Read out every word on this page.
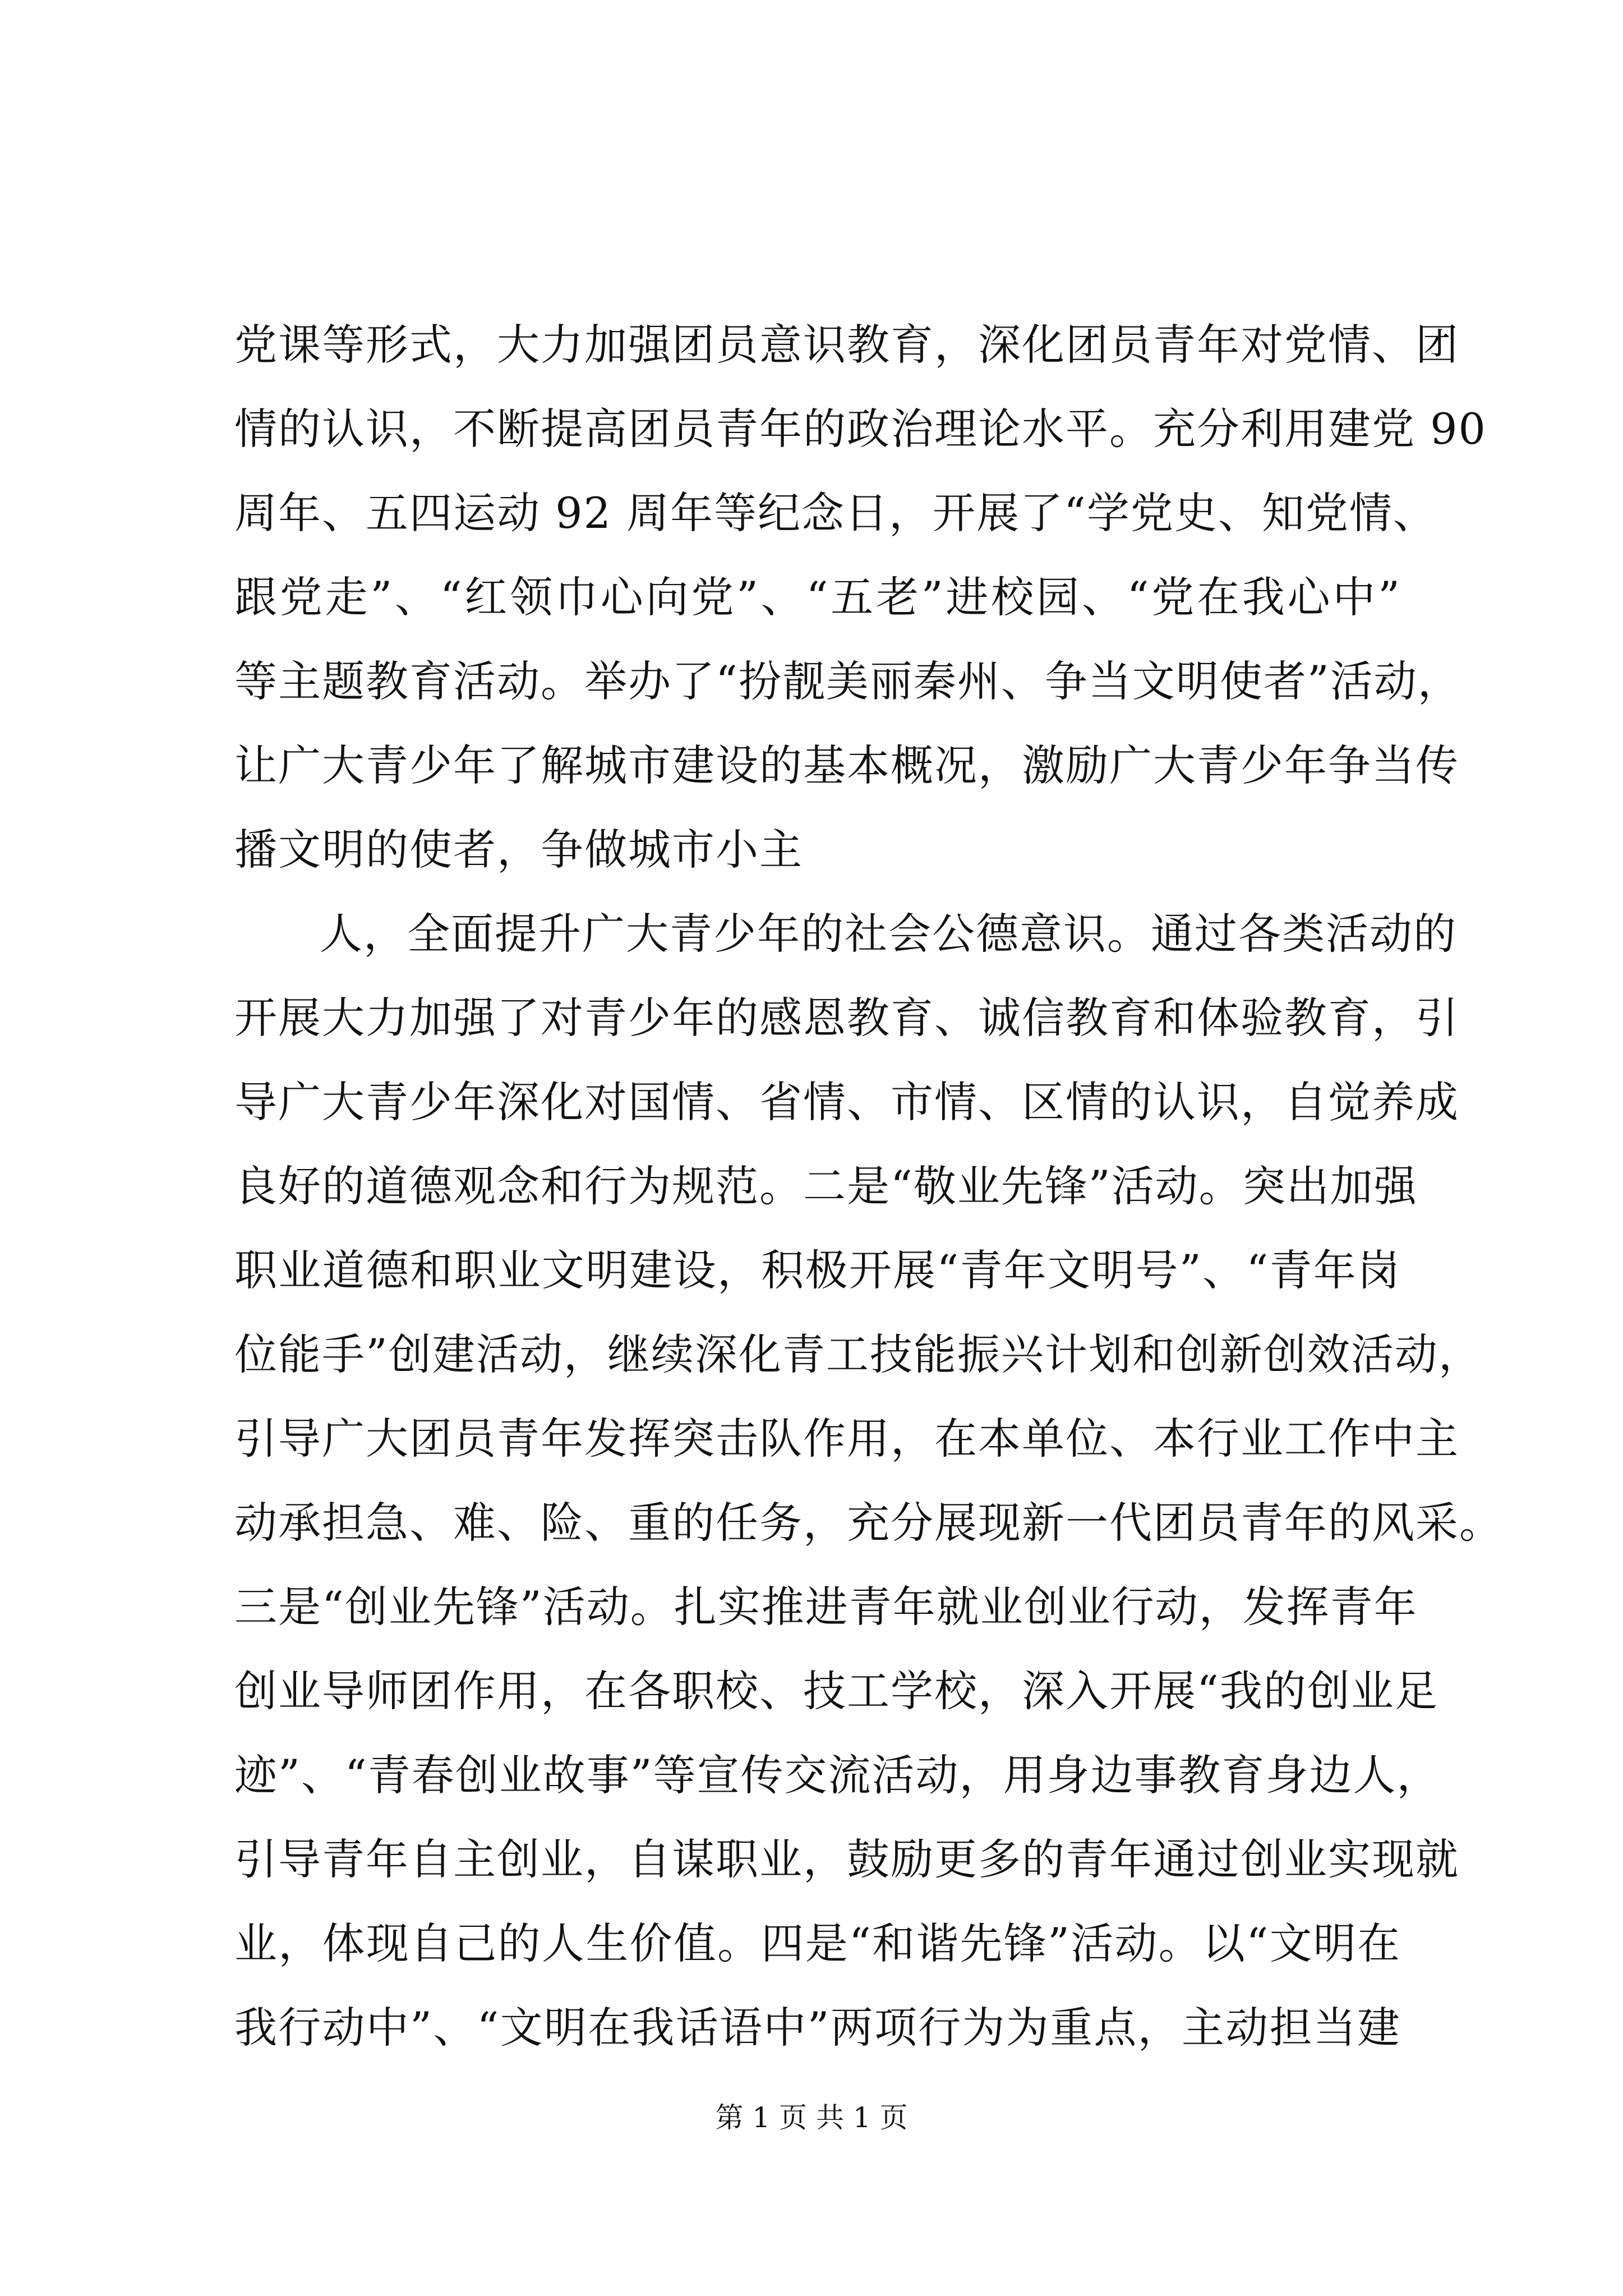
党课等形式，大力加强团员意识教育，深化团员青年对党情、团
情的认识，不断提高团员青年的政治理论水平。充分利用建党 90
周年、五四运动 92 周年等纪念日，开展了“学党史、知党情、
跟党走”、“红领巾心向党”、“五老”进校园、“党在我心中”
等主题教育活动。举办了“扮靓美丽秦州、争当文明使者”活动，
让广大青少年了解城市建设的基本概况，激励广大青少年争当传
播文明的使者，争做城市小主
人，全面提升广大青少年的社会公德意识。通过各类活动的
开展大力加强了对青少年的感恩教育、诚信教育和体验教育，引
导广大青少年深化对国情、省情、市情、区情的认识，自觉养成
良好的道德观念和行为规范。二是“敬业先锋”活动。突出加强
职业道德和职业文明建设，积极开展“青年文明号”、“青年岗
位能手”创建活动，继续深化青工技能振兴计划和创新创效活动，
引导广大团员青年发挥突击队作用，在本单位、本行业工作中主
动承担急、难、险、重的任务，充分展现新一代团员青年的风采。
三是“创业先锋”活动。扎实推进青年就业创业行动，发挥青年
创业导师团作用，在各职校、技工学校，深入开展“我的创业足
迹”、“青春创业故事”等宣传交流活动，用身边事教育身边人，
引导青年自主创业，自谋职业，鼓励更多的青年通过创业实现就
业，体现自己的人生价值。四是“和谐先锋”活动。以“文明在
我行动中”、“文明在我话语中”两项行为为重点，主动担当建
第 1 页 共 1 页
